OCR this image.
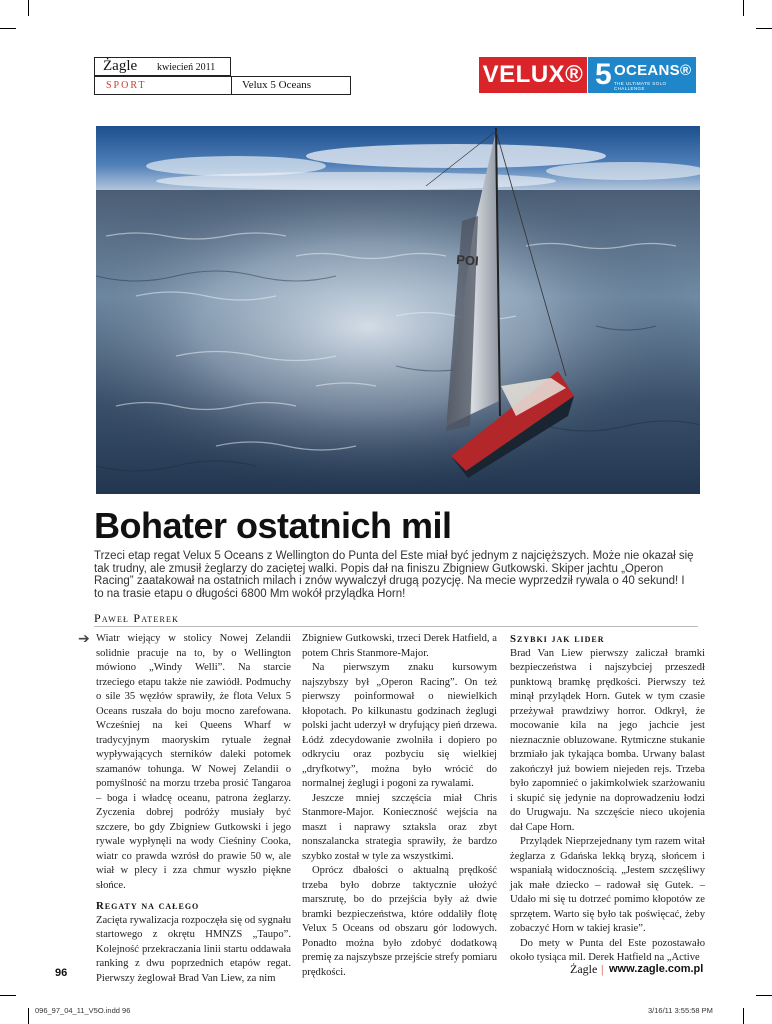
Żagle kwiecień 2011
SPORT	Velux 5 Oceans	VELUX® 5 OCEANS®
THE ULTIMATE SOLO CHALLENGE
POI
Bohater ostatnich mil
Trzeci etap regat Velux 5 Oceans z Wellington do Punta del Este miał być jednym z najcięższych. Może nie okazał się tak trudny, ale zmusił żeglarzy do zaciętej walki. Popis dał na finiszu Zbigniew Gutkowski. Skiper jachtu „Operon Racing” zaatakował na ostatnich milach i znów wywalczył drugą pozycję. Na mecie wyprzedził rywala o 40 sekund! I to na trasie etapu o długości 6800 Mm wokół przylądka Horn!
Paweł Paterek
➔ Wiatr wiejący w stolicy Nowej Zelandii solidnie pracuje na to, by o Wellington mówiono „Windy Welli”. Na starcie trzeciego etapu także nie zawiódł. Podmuchy o sile 35 węzłów sprawiły, że flota Velux 5 Oceans ruszała do boju mocno zarefowana. Wcześniej na kei Queens Wharf w tradycyjnym maoryskim rytuale żegnał wypływających sterników daleki potomek szamanów tohunga. W Nowej Zelandii o pomyślność na morzu trzeba prosić Tangaroa – boga i władcę oceanu, patrona żeglarzy. Zyczenia dobrej podróży musiały być szczere, bo gdy Zbigniew Gutkowski i jego rywale wypłynęli na wody Cieśniny Cooka, wiatr co prawda wzrósł do prawie 50 w, ale wiał w plecy i zza chmur wyszło piękne słońce.

Regaty na całego

Zacięta rywalizacja rozpoczęła się od sygnału startowego z okrętu HMNZS „Taupo”. Kolejność przekraczania linii startu oddawała ranking z dwu poprzednich etapów regat. Pierwszy żeglował Brad Van Liew, za nim

Zbigniew Gutkowski, trzeci Derek Hatfield, a potem Chris Stanmore-Major.

Na pierwszym znaku kursowym najszybszy był „Operon Racing”. On też pierwszy poinformował o niewielkich kłopotach. Po kilkunastu godzinach żeglugi polski jacht uderzył w dryfujący pień drzewa. Łódź zdecydowanie zwolniła i dopiero po odkryciu oraz pozbyciu się wielkiej „dryfkotwy”, można było wrócić do normalnej żeglugi i pogoni za rywalami.

Jeszcze mniej szczęścia miał Chris Stanmore-Major. Konieczność wejścia na maszt i naprawy sztaksla oraz zbyt nonszalancka strategia sprawiły, że bardzo szybko został w tyle za wszystkimi.

Oprócz dbałości o aktualną prędkość trzeba było dobrze taktycznie ułożyć marszrutę, bo do przejścia były aż dwie bramki bezpieczeństwa, które oddaliły flotę Velux 5 Oceans od obszaru gór lodowych. Ponadto można było zdobyć dodatkową premię za najszybsze przejście strefy pomiaru prędkości.

Szybki jak lider

Brad Van Liew pierwszy zaliczał bramki bezpieczeństwa i najszybciej przeszedł punktową bramkę prędkości. Pierwszy też minął przylądek Horn. Gutek w tym czasie przeżywał prawdziwy horror. Odkrył, że mocowanie kila na jego jachcie jest nieznacznie obluzowane. Rytmiczne stukanie brzmiało jak tykająca bomba. Urwany balast zakończył już bowiem niejeden rejs. Trzeba było zapomnieć o jakimkolwiek szarżowaniu i skupić się jedynie na doprowadzeniu łodzi do Urugwaju. Na szczęście nieco ukojenia dał Cape Horn.

Przylądek Nieprzejednany tym razem witał żeglarza z Gdańska lekką bryzą, słońcem i wspaniałą widocznością. „Jestem szczęśliwy jak małe dziecko – radował się Gutek. – Udało mi się tu dotrzeć pomimo kłopotów ze sprzętem. Warto się było tak poświęcać, żeby zobaczyć Horn w takiej krasie”.

Do mety w Punta del Este pozostawało około tysiąca mil. Derek Hatfield na „Active

96	Żagle | www.zagle.com.pl
096_97_04_11_V5O.indd 96	3/16/11 3:55:58 PM
